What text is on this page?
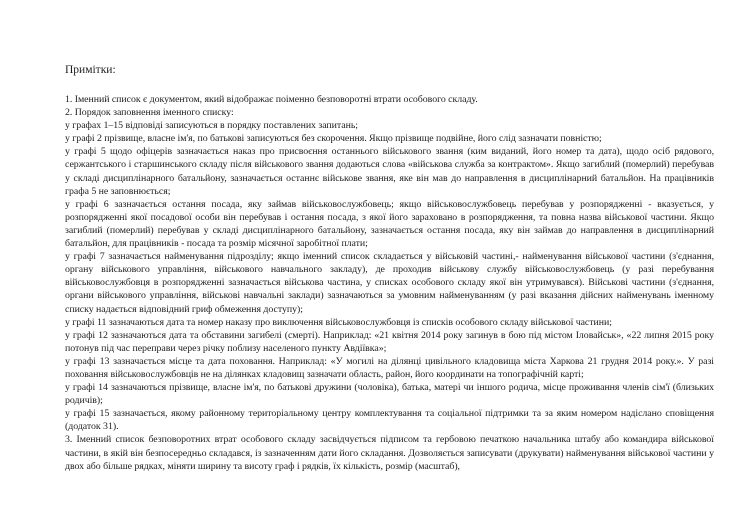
Примітки:
1. Іменний список є документом, який відображає поіменно безповоротні втрати особового складу.
2. Порядок заповнення іменного списку:
у графах 1–15 відповіді записуються в порядку поставлених запитань;
у графі 2 прізвище, власне ім'я, по батькові записуються без скорочення. Якщо прізвище подвійне, його слід зазначати повністю;
у графі 5 щодо офіцерів зазначається наказ про присвоєння останнього військового звання (ким виданий, його номер та дата), щодо осіб рядового, сержантського і старшинського складу після військового звання додаються слова «військова служба за контрактом». Якщо загиблий (померлий) перебував у складі дисциплінарного батальйону, зазначається останнє військове звання, яке він мав до направлення в дисциплінарний батальйон. На працівників графа 5 не заповнюється;
у графі 6 зазначається остання посада, яку займав військовослужбовець; якщо військовослужбовець перебував у розпорядженні - вказується, у розпорядженні якої посадової особи він перебував і остання посада, з якої його зараховано в розпорядження, та повна назва військової частини. Якщо загиблий (померлий) перебував у складі дисциплінарного батальйону, зазначається остання посада, яку він займав до направлення в дисциплінарний батальйон, для працівників - посада та розмір місячної заробітної плати;
у графі 7 зазначається найменування підрозділу; якщо іменний список складається у військовій частині,- найменування військової частини (з'єднання, органу військового управління, військового навчального закладу), де проходив військову службу військовослужбовець (у разі перебування військовослужбовця в розпорядженні зазначається військова частина, у списках особового складу якої він утримувався). Військові частини (з'єднання, органи військового управління, військові навчальні заклади) зазначаються за умовним найменуванням (у разі вказання дійсних найменувань іменному списку надається відповідний гриф обмеження доступу);
у графі 11 зазначаються дата та номер наказу про виключення військовослужбовця із списків особового складу військової частини;
у графі 12 зазначаються дата та обставини загибелі (смерті). Наприклад: «21 квітня 2014 року загинув в бою під містом Іловайськ», «22 липня 2015 року потонув під час переправи через річку поблизу населеного пункту Авдіївка»;
у графі 13 зазначається місце та дата поховання. Наприклад: «У могилі на ділянці цивільного кладовища міста Харкова 21 грудня 2014 року.». У разі поховання військовослужбовців не на ділянках кладовищ зазначати область, район, його координати на топографічній карті;
у графі 14 зазначаються прізвище, власне ім'я, по батькові дружини (чоловіка), батька, матері чи іншого родича, місце проживання членів сім'ї (близьких родичів);
у графі 15 зазначається, якому районному територіальному центру комплектування та соціальної підтримки та за яким номером надісланo сповіщення (додаток 31).
3. Іменний список безповоротних втрат особового складу засвідчується підписом та гербовою печаткою начальника штабу або командира військової частини, в якій він безпосередньо складався, із зазначенням дати його складання. Дозволяється записувати (друкувати) найменування військової частини у двох або більше рядках, міняти ширину та висоту граф і рядків, їх кількість, розмір (масштаб),
